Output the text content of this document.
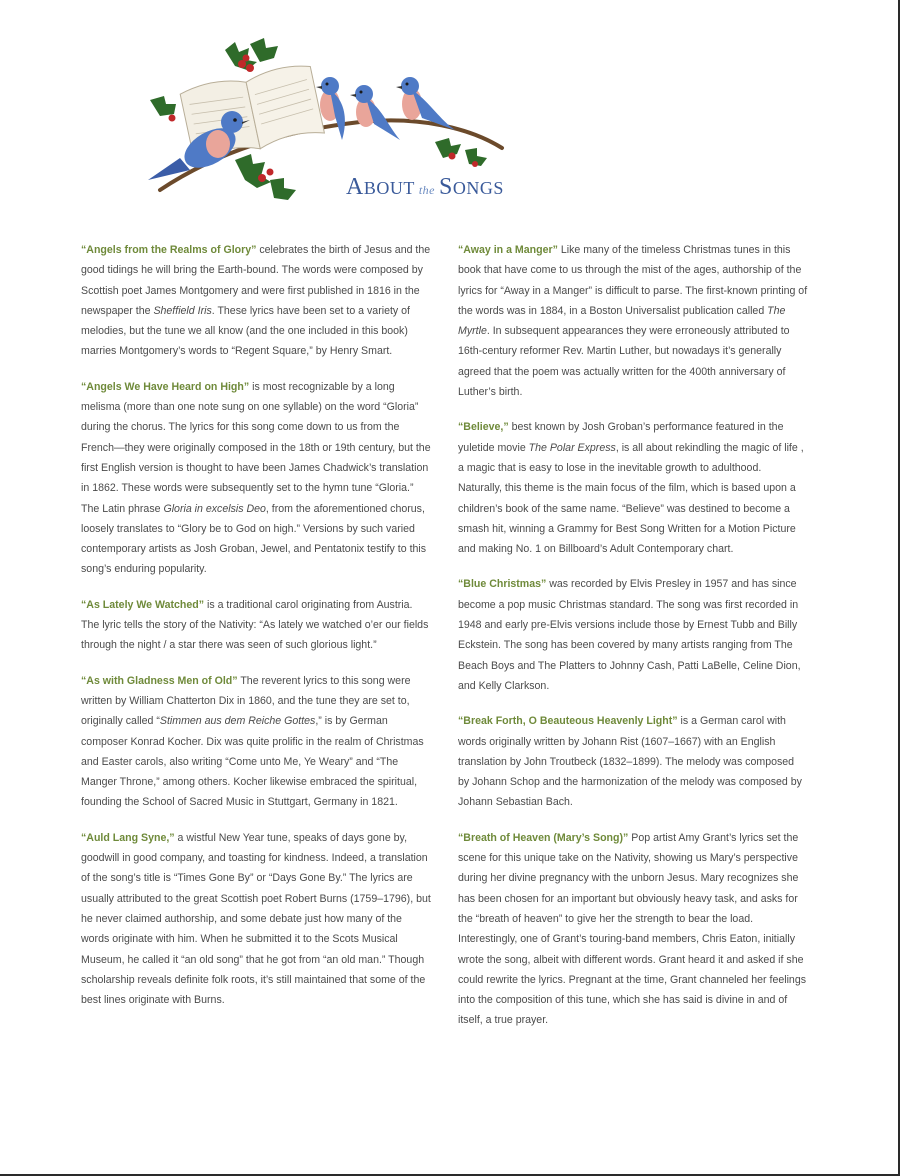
ABOUT the SONGS

“Angels from the Realms of Glory” celebrates the birth of Jesus and the good tidings he will bring the Earth-bound. The words were composed by Scottish poet James Montgomery and were first published in 1816 in the newspaper the Sheffield Iris. These lyrics have been set to a variety of melodies, but the tune we all know (and the one included in this book) marries Montgomery’s words to “Regent Square,” by Henry Smart.

“Angels We Have Heard on High” is most recognizable by a long melisma (more than one note sung on one syllable) on the word “Gloria” during the chorus. The lyrics for this song come down to us from the French—they were originally composed in the 18th or 19th century, but the first English version is thought to have been James Chadwick’s translation in 1862. These words were subsequently set to the hymn tune “Gloria.” The Latin phrase Gloria in excelsis Deo, from the aforementioned chorus, loosely translates to “Glory be to God on high.” Versions by such varied contemporary artists as Josh Groban, Jewel, and Pentatonix testify to this song’s enduring popularity.

“As Lately We Watched” is a traditional carol originating from Austria. The lyric tells the story of the Nativity: “As lately we watched o’er our fields through the night / a star there was seen of such glorious light.”

“As with Gladness Men of Old” The reverent lyrics to this song were written by William Chatterton Dix in 1860, and the tune they are set to, originally called “Stimmen aus dem Reiche Gottes,” is by German composer Konrad Kocher. Dix was quite prolific in the realm of Christmas and Easter carols, also writing “Come unto Me, Ye Weary” and “The Manger Throne,” among others. Kocher likewise embraced the spiritual, founding the School of Sacred Music in Stuttgart, Germany in 1821.

“Auld Lang Syne,” a wistful New Year tune, speaks of days gone by, goodwill in good company, and toasting for kindness. Indeed, a translation of the song’s title is “Times Gone By” or “Days Gone By.” The lyrics are usually attributed to the great Scottish poet Robert Burns (1759–1796), but he never claimed authorship, and some debate just how many of the words originate with him. When he submitted it to the Scots Musical Museum, he called it “an old song” that he got from “an old man.” Though scholarship reveals definite folk roots, it’s still maintained that some of the best lines originate with Burns.

“Away in a Manger” Like many of the timeless Christmas tunes in this book that have come to us through the mist of the ages, authorship of the lyrics for “Away in a Manger” is difficult to parse. The first-known printing of the words was in 1884, in a Boston Universalist publication called The Myrtle. In subsequent appearances they were erroneously attributed to 16th-century reformer Rev. Martin Luther, but nowadays it’s generally agreed that the poem was actually written for the 400th anniversary of Luther’s birth.

“Believe,” best known by Josh Groban’s performance featured in the yuletide movie The Polar Express, is all about rekindling the magic of life , a magic that is easy to lose in the inevitable growth to adulthood. Naturally, this theme is the main focus of the film, which is based upon a children’s book of the same name. “Believe” was destined to become a smash hit, winning a Grammy for Best Song Written for a Motion Picture and making No. 1 on Billboard’s Adult Contemporary chart.

“Blue Christmas” was recorded by Elvis Presley in 1957 and has since become a pop music Christmas standard. The song was first recorded in 1948 and early pre-Elvis versions include those by Ernest Tubb and Billy Eckstein. The song has been covered by many artists ranging from The Beach Boys and The Platters to Johnny Cash, Patti LaBelle, Celine Dion, and Kelly Clarkson.

“Break Forth, O Beauteous Heavenly Light” is a German carol with words originally written by Johann Rist (1607–1667) with an English translation by John Troutbeck (1832–1899). The melody was composed by Johann Schop and the harmonization of the melody was composed by Johann Sebastian Bach.

“Breath of Heaven (Mary’s Song)” Pop artist Amy Grant’s lyrics set the scene for this unique take on the Nativity, showing us Mary’s perspective during her divine pregnancy with the unborn Jesus. Mary recognizes she has been chosen for an important but obviously heavy task, and asks for the “breath of heaven” to give her the strength to bear the load. Interestingly, one of Grant’s touring-band members, Chris Eaton, initially wrote the song, albeit with different words. Grant heard it and asked if she could rewrite the lyrics. Pregnant at the time, Grant channeled her feelings into the composition of this tune, which she has said is divine in and of itself, a true prayer.
